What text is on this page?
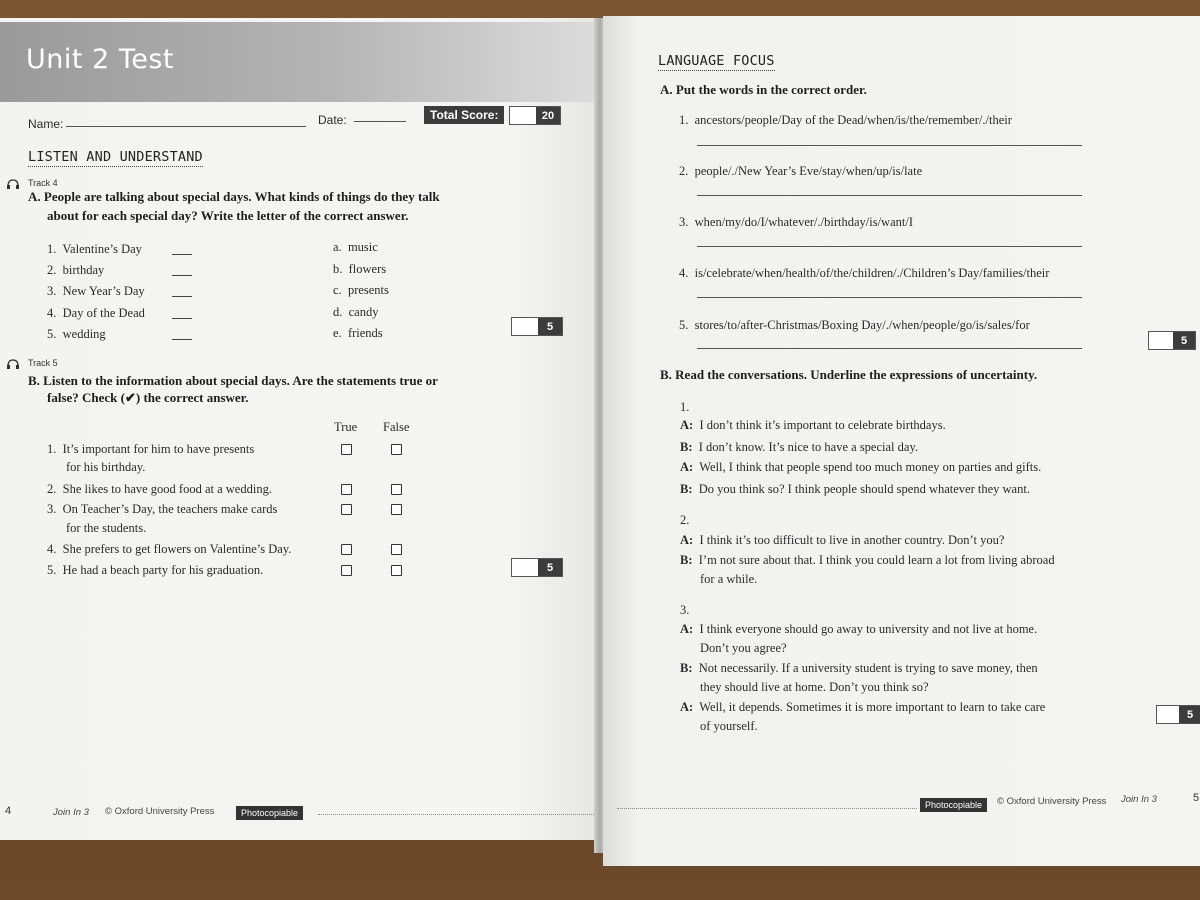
Unit 2 Test
Name:	Date:	Total Score:	20
LISTEN AND UNDERSTAND
Track 4
A. People are talking about special days. What kinds of things do they talk
about for each special day? Write the letter of the correct answer.
1. Valentine’s Day
2. birthday
3. New Year’s Day
4. Day of the Dead
5. wedding
a. music
b. flowers
c. presents
d. candy
e. friends	5
Track 5
B. Listen to the information about special days. Are the statements true or
false? Check (✔) the correct answer.
True False
1. It’s important for him to have presents
for his birthday.
2. She likes to have good food at a wedding.
3. On Teacher’s Day, the teachers make cards
for the students.
4. She prefers to get flowers on Valentine’s Day.
5. He had a beach party for his graduation.	5
4	Join In 3 © Oxford University Press	Photocopiable
LANGUAGE FOCUS
A. Put the words in the correct order.
1. ancestors/people/Day of the Dead/when/is/the/remember/./their
2. people/./New Year’s Eve/stay/when/up/is/late
3. when/my/do/I/whatever/./birthday/is/want/I
4. is/celebrate/when/health/of/the/children/./Children’s Day/families/their
5. stores/to/after-Christmas/Boxing Day/./when/people/go/is/sales/for
5
B. Read the conversations. Underline the expressions of uncertainty.
1.
A: I don’t think it’s important to celebrate birthdays.
B: I don’t know. It’s nice to have a special day.
A: Well, I think that people spend too much money on parties and gifts.
B: Do you think so? I think people should spend whatever they want.
2.
A: I think it’s too difficult to live in another country. Don’t you?
B: I’m not sure about that. I think you could learn a lot from living abroad
for a while.
3.
A: I think everyone should go away to university and not live at home.
Don’t you agree?
B: Not necessarily. If a university student is trying to save money, then
they should live at home. Don’t you think so?
A: Well, it depends. Sometimes it is more important to learn to take care
of yourself.
5
Photocopiable	© Oxford University Press Join In 3	5
